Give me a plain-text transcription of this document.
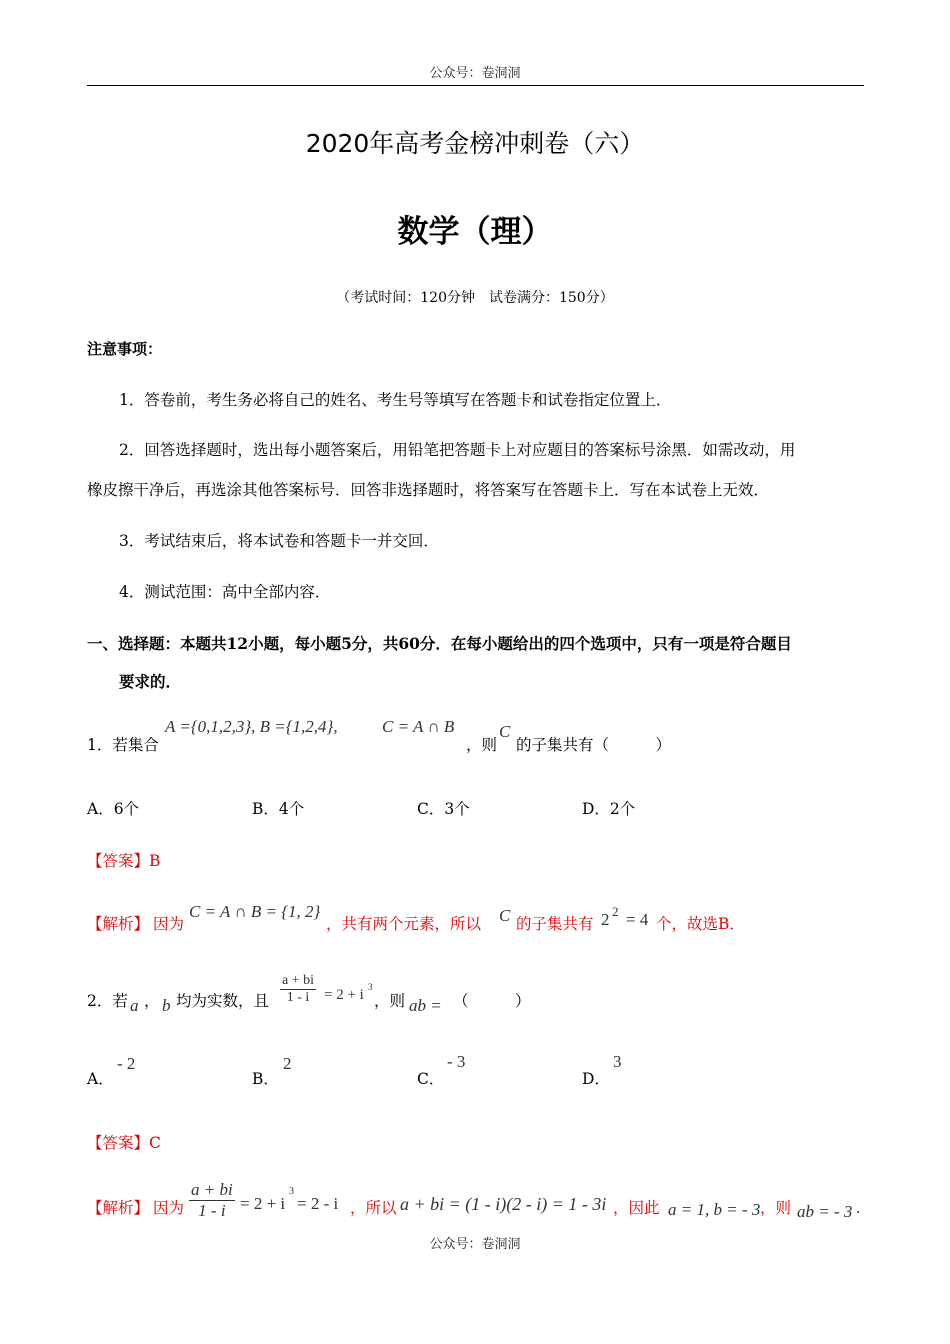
公众号：卷洞洞
2020年高考金榜冲刺卷（六）
数学（理）
（考试时间：120分钟　试卷满分：150分）
注意事项：
1．答卷前，考生务必将自己的姓名、考生号等填写在答题卡和试卷指定位置上．
2．回答选择题时，选出每小题答案后，用铅笔把答题卡上对应题目的答案标号涂黑．如需改动，用
橡皮擦干净后，再选涂其他答案标号．回答非选择题时，将答案写在答题卡上．写在本试卷上无效．
3．考试结束后，将本试卷和答题卡一并交回．
4．测试范围：高中全部内容．
一、选择题：本题共12小题，每小题5分，共60分．在每小题给出的四个选项中，只有一项是符合题目
要求的．
1．若集合
A ={0,1,2,3}, B ={1,2,4},	C = A ∩ B
，则
C
的子集共有（　　　）
A．6个	B．4个	C．3个	D．2个
【答案】B
【解析】 因为
C = A ∩ B = {1, 2}
，共有两个元素，所以 C 的子集共有 2 2 = 4 个，故选B．
2．若 a ， b 均为实数，且 $\frac{a + bi}{1 - i} = 2 + i$ 3
，则 ab = （　　　）
A．
- 2
B．
2
C．
- 3
D．
3
【答案】C
【解析】 因为 $\frac{a + bi}{1 - i} = 2 + i$
3
= 2 - i ，所以 a + bi = (1 - i)(2 - i) = 1 - 3i ，因此 a = 1, b = - 3 ，则 ab = - 3 .
公众号：卷洞洞
